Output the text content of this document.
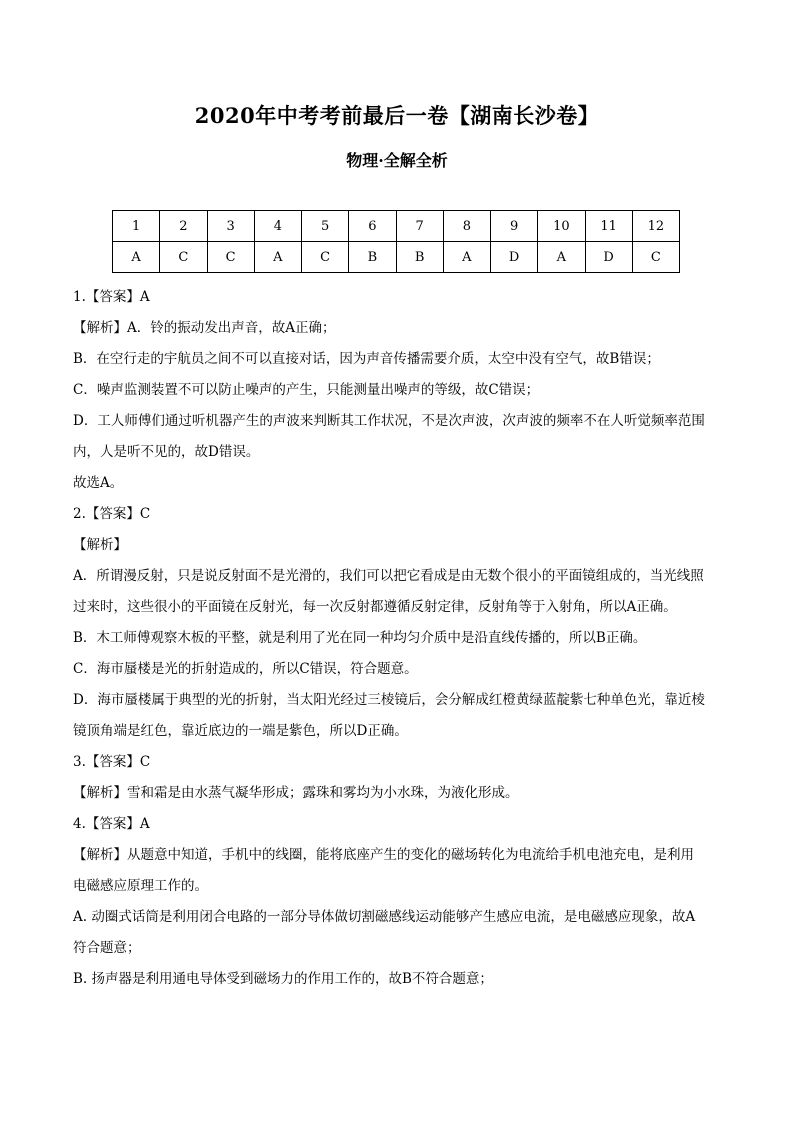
2020年中考考前最后一卷【湖南长沙卷】
物理·全解全析
1	2	3	4	5	6	7	8	9	10	11	12
A	C	C	A	C	B	B	A	D	A	D	C

1.【答案】A

【解析】A．铃的振动发出声音，故A正确；

B．在空行走的宇航员之间不可以直接对话，因为声音传播需要介质，太空中没有空气，故B错误；

C．噪声监测装置不可以防止噪声的产生，只能测量出噪声的等级，故C错误；

D．工人师傅们通过听机器产生的声波来判断其工作状况，不是次声波，次声波的频率不在人听觉频率范围

内，人是听不见的，故D错误。

故选A。

2.【答案】C

【解析】

A．所谓漫反射，只是说反射面不是光滑的，我们可以把它看成是由无数个很小的平面镜组成的，当光线照

过来时，这些很小的平面镜在反射光，每一次反射都遵循反射定律，反射角等于入射角，所以A正确。

B．木工师傅观察木板的平整，就是利用了光在同一种均匀介质中是沿直线传播的，所以B正确。

C．海市蜃楼是光的折射造成的，所以C错误，符合题意。

D．海市蜃楼属于典型的光的折射，当太阳光经过三棱镜后，会分解成红橙黄绿蓝靛紫七种单色光，靠近棱

镜顶角端是红色，靠近底边的一端是紫色，所以D正确。

3.【答案】C

【解析】雪和霜是由水蒸气凝华形成；露珠和雾均为小水珠，为液化形成。

4.【答案】A

【解析】从题意中知道，手机中的线圈，能将底座产生的变化的磁场转化为电流给手机电池充电，是利用

电磁感应原理工作的。

A. 动圈式话筒是利用闭合电路的一部分导体做切割磁感线运动能够产生感应电流，是电磁感应现象，故A

符合题意；

B. 扬声器是利用通电导体受到磁场力的作用工作的，故B不符合题意；
